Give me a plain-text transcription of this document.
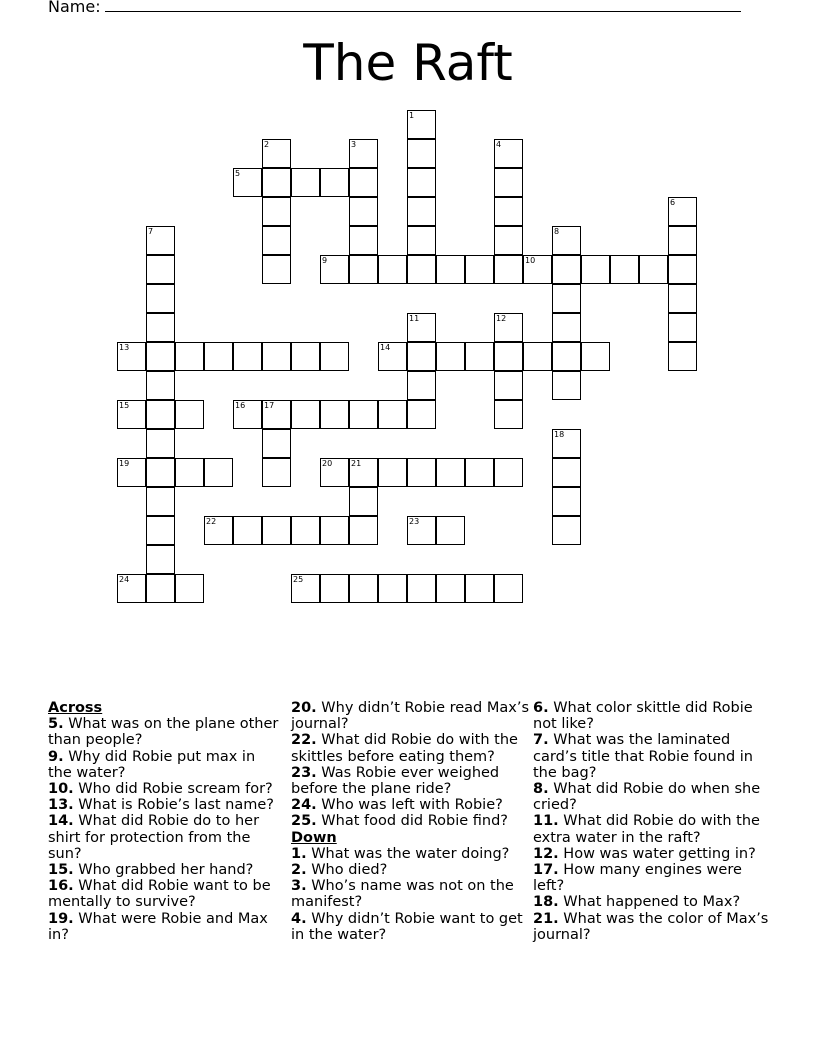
Name:
The Raft
1
2	3	4
5
6
7	8
9	10
11	12
13	14
15	16 17
18
19	20 21
22	23
24	25
Across
5. What was on the plane other than people?
9. Why did Robie put max in the water?
10. Who did Robie scream for?
13. What is Robie’s last name?
14. What did Robie do to her shirt for protection from the sun?
15. Who grabbed her hand?
16. What did Robie want to be mentally to survive?
19. What were Robie and Max in?
20. Why didn’t Robie read Max’s journal?
22. What did Robie do with the skittles before eating them?
23. Was Robie ever weighed before the plane ride?
24. Who was left with Robie?
25. What food did Robie find?
Down
1. What was the water doing?
2. Who died?
3. Who’s name was not on the manifest?
4. Why didn’t Robie want to get in the water?
6. What color skittle did Robie not like?
7. What was the laminated card’s title that Robie found in the bag?
8. What did Robie do when she cried?
11. What did Robie do with the extra water in the raft?
12. How was water getting in?
17. How many engines were left?
18. What happened to Max?
21. What was the color of Max’s journal?
